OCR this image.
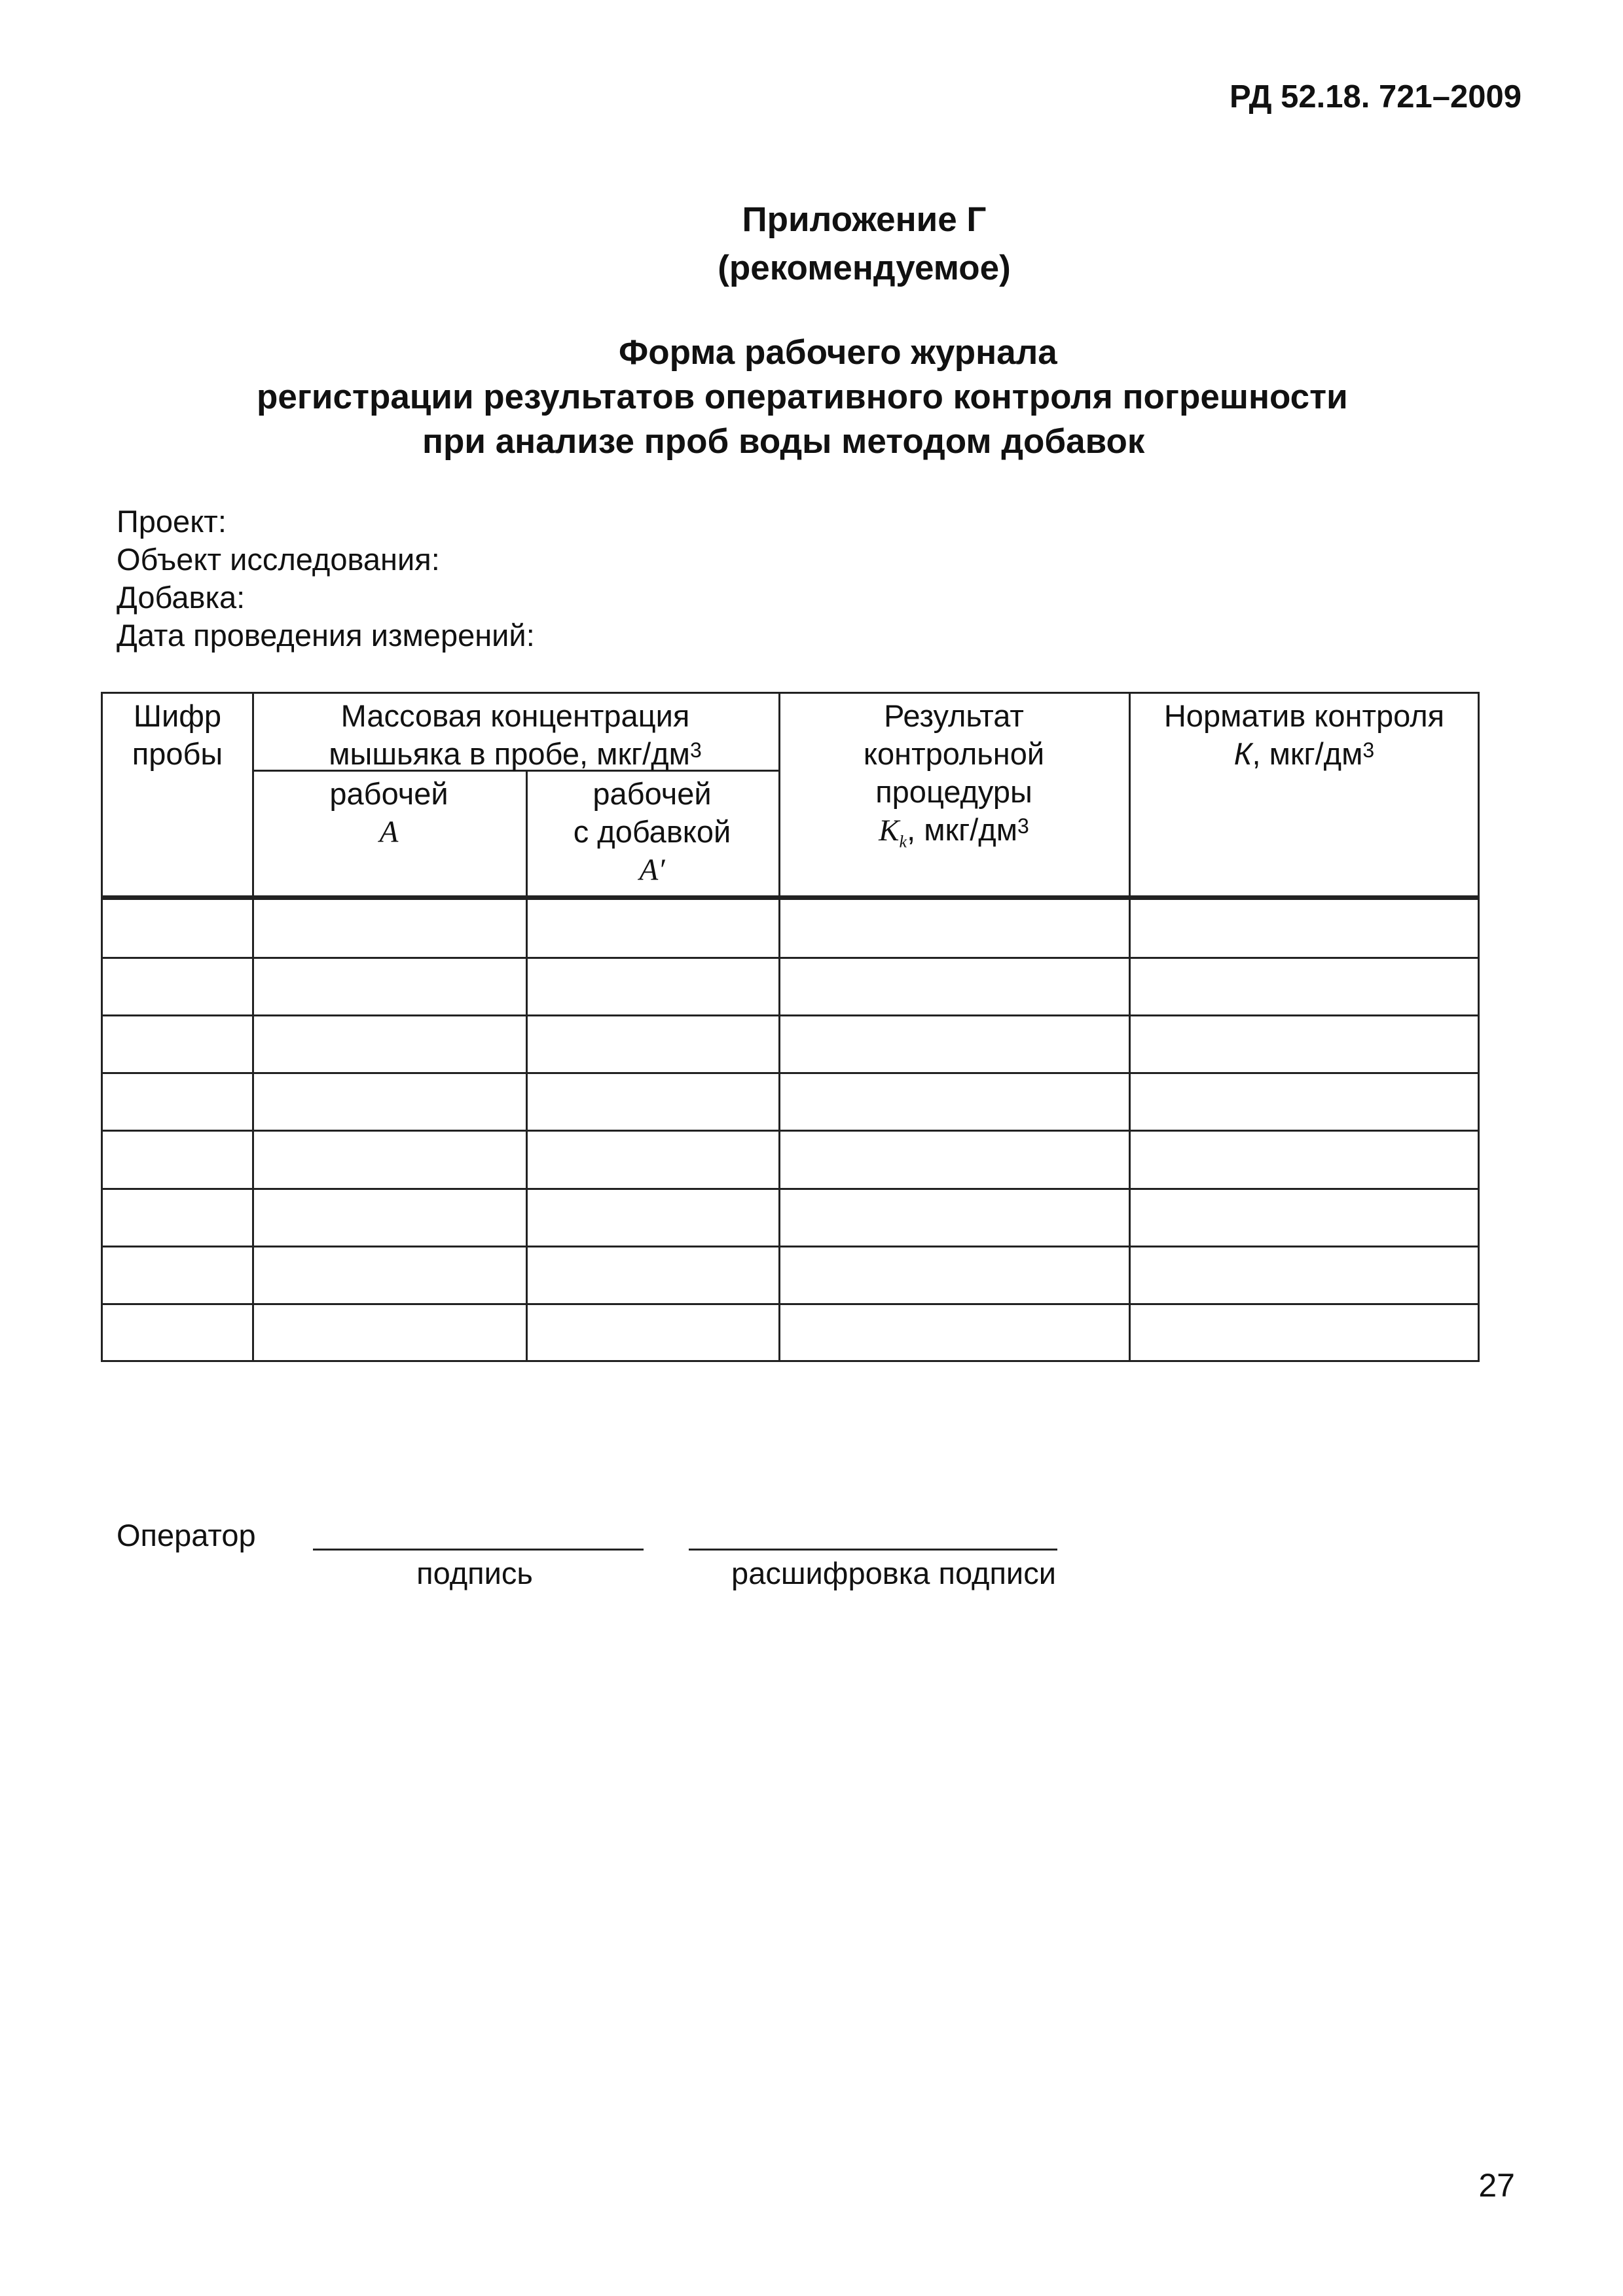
РД 52.18. 721–2009
Приложение Г
(рекомендуемое)
Форма рабочего журнала
регистрации результатов оперативного контроля погрешности
при анализе проб воды методом добавок
Проект:
Объект исследования:
Добавка:
Дата проведения измерений:
Шифр
пробы
Массовая концентрация
мышьяка в пробе, мкг/$дм^3$
рабочей
A
рабочей
с добавкой
A′
Результат
контрольной
процедуры
$K_k$, мкг/$дм^3$
Норматив контроля
К, мкг/$дм^3$
Оператор
подпись	расшифровка подписи
27
